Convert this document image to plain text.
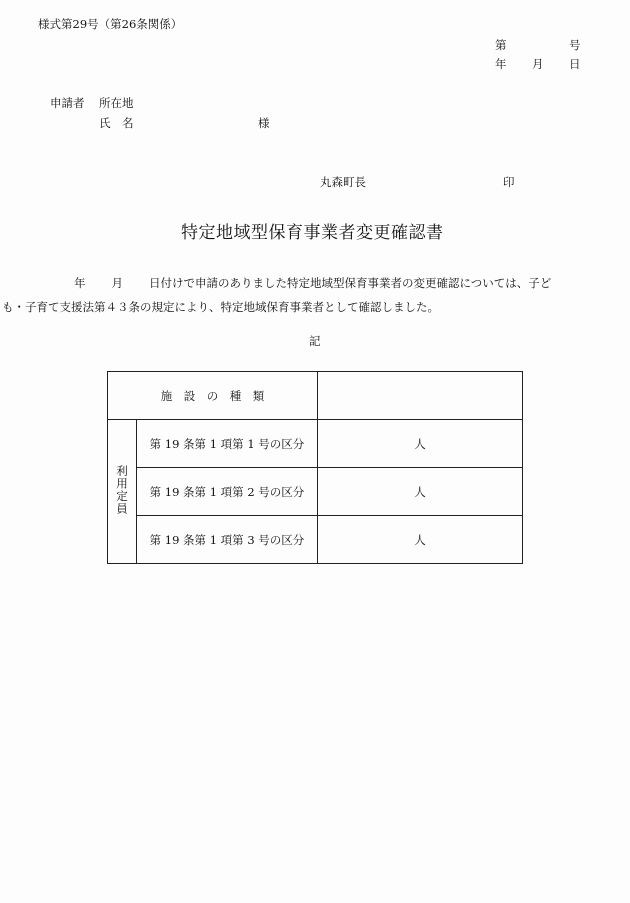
様式第29号（第26条関係）
第	号
年 月 日
申請者 所在地
氏　名	様
丸森町長	印
特定地域型保育事業者変更確認書
年 月 日付けで申請のありました特定地域型保育事業者の変更確認については、子ど
も・子育て支援法第４３条の規定により、特定地域保育事業者として確認しました。
記
施　設　の　種　類		
利用定員	第 19 条第 1 項第 1 号の区分	人
	第 19 条第 1 項第 2 号の区分	人
	第 19 条第 1 項第 3 号の区分	人
